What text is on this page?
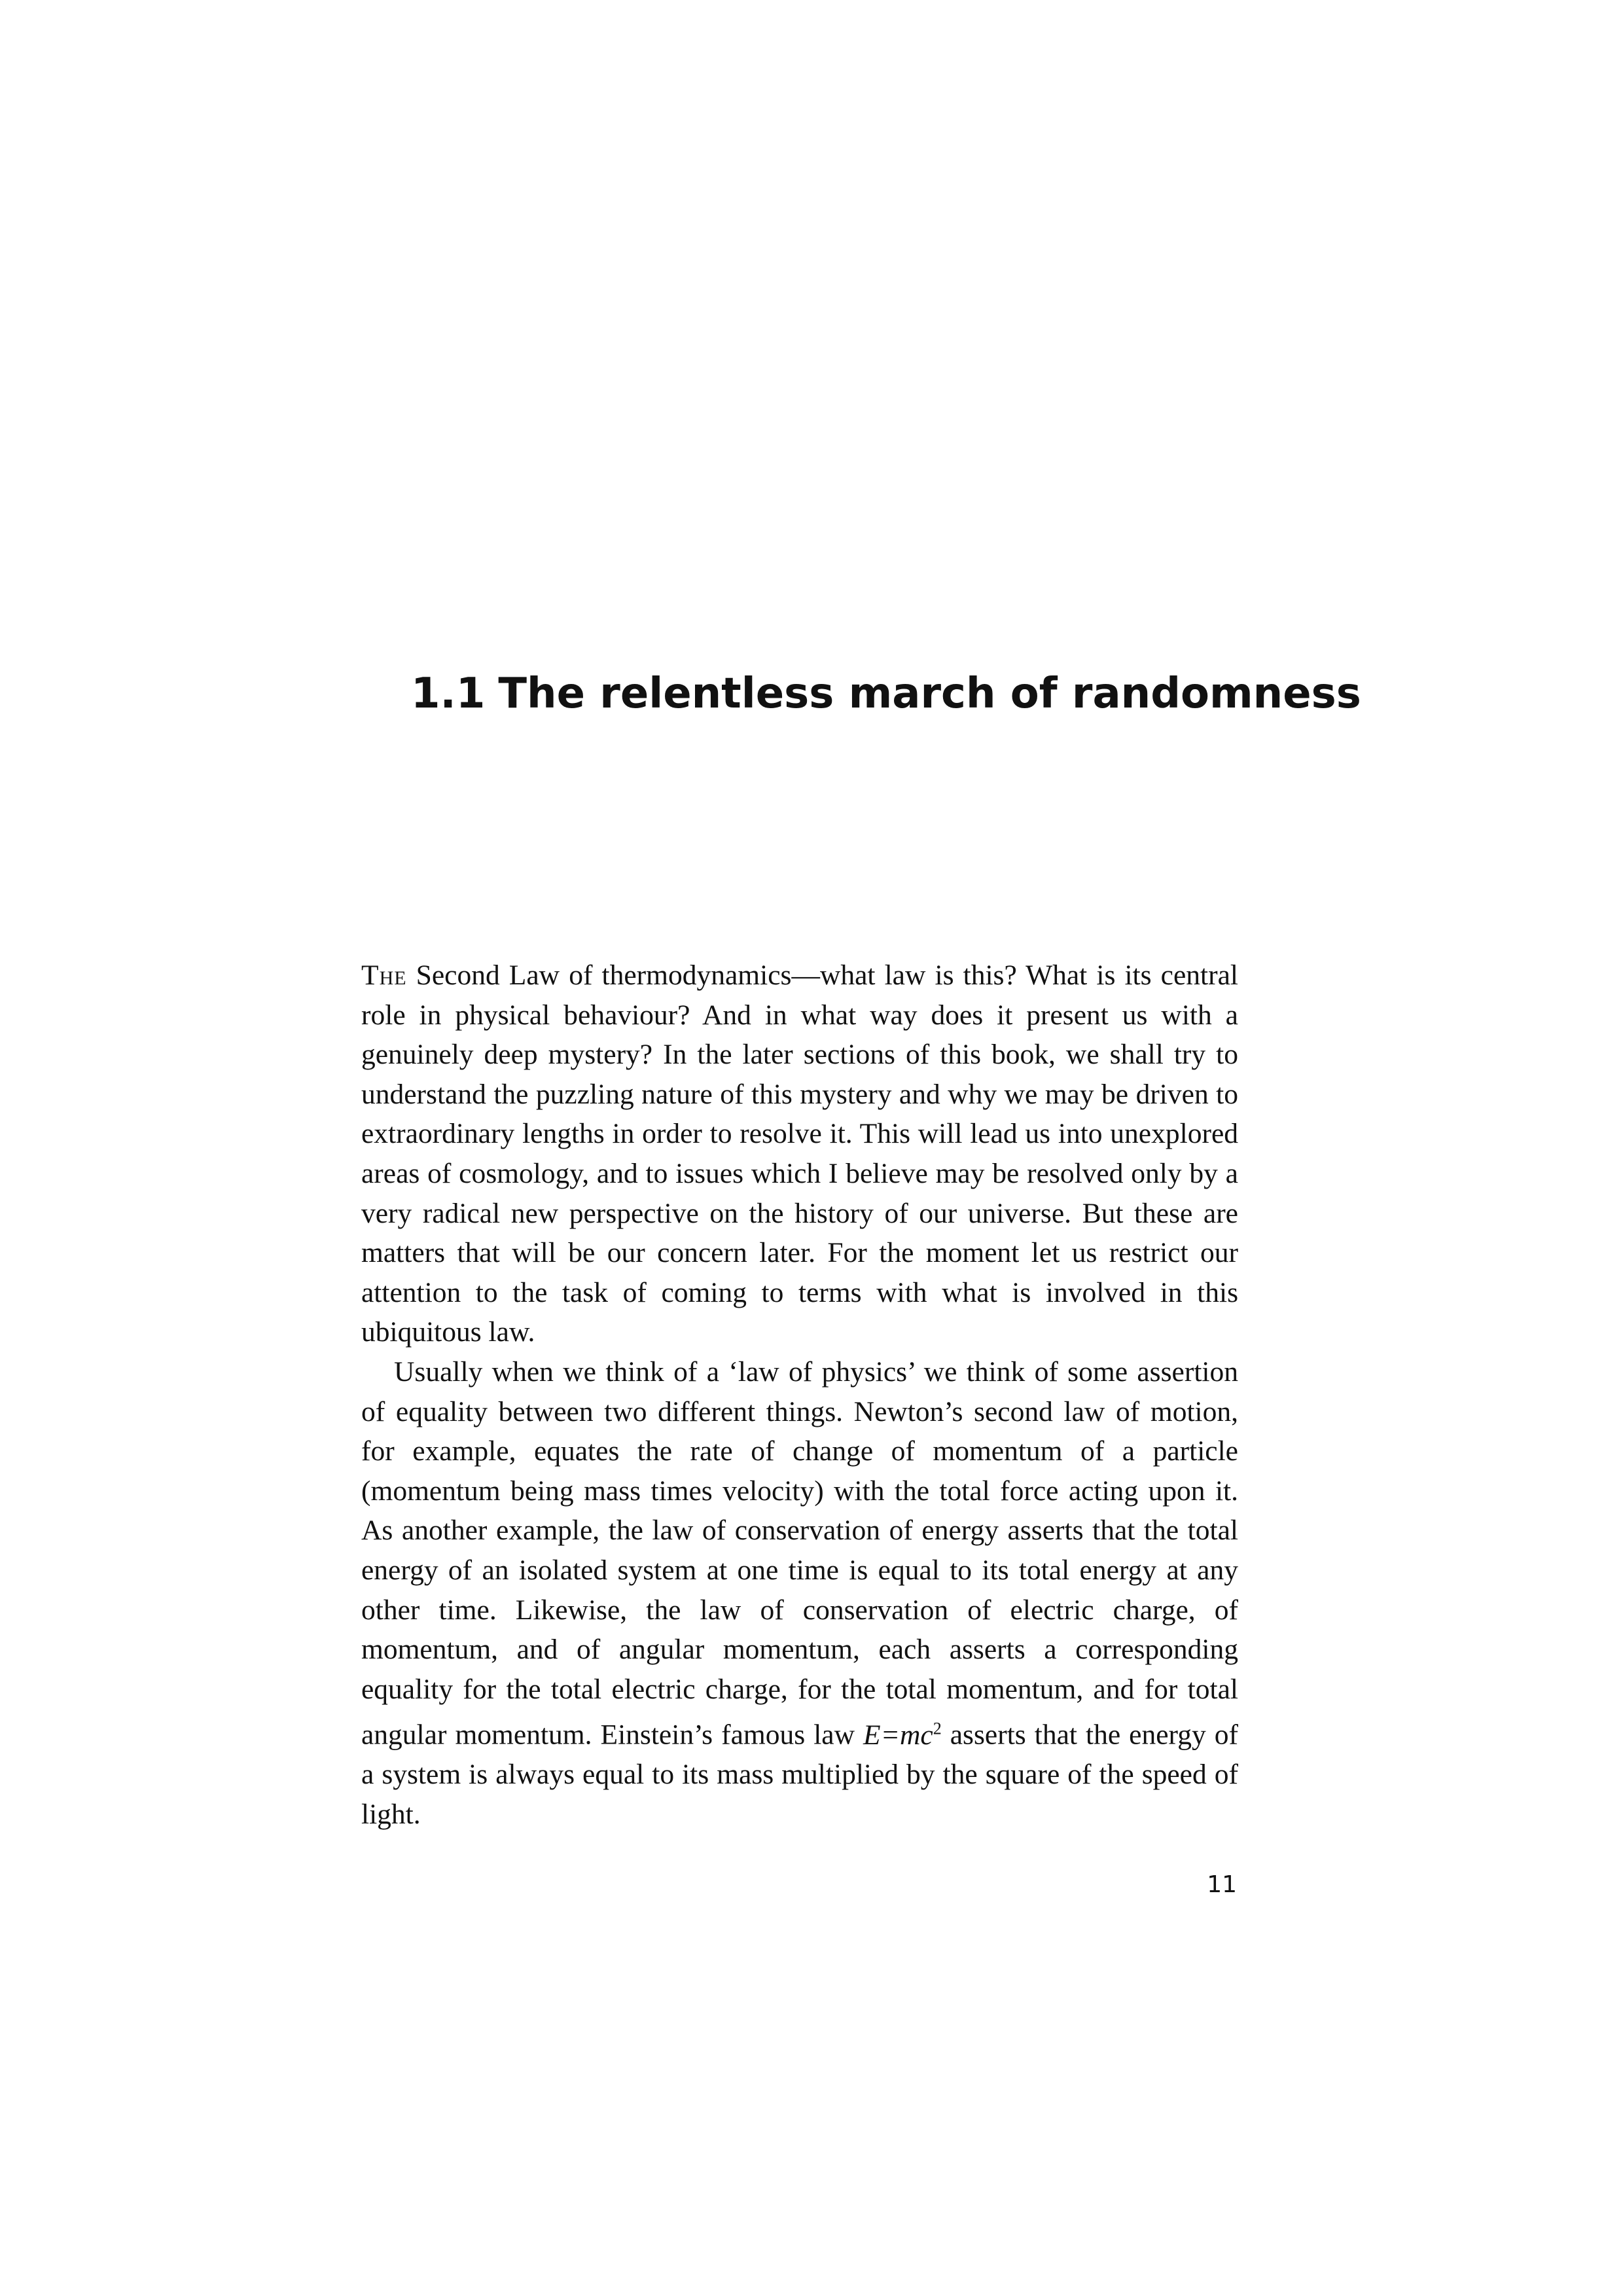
1.1 The relentless march of randomness

The Second Law of thermodynamics—what law is this? What is its central role in physical behaviour? And in what way does it present us with a genuinely deep mystery? In the later sections of this book, we shall try to understand the puzzling nature of this mystery and why we may be driven to extraordinary lengths in order to resolve it. This will lead us into unexplored areas of cosmology, and to issues which I believe may be resolved only by a very radical new perspective on the history of our universe. But these are matters that will be our concern later. For the moment let us restrict our attention to the task of coming to terms with what is involved in this ubiquitous law.

Usually when we think of a ‘law of physics’ we think of some assertion of equality between two different things. Newton’s second law of motion, for example, equates the rate of change of momentum of a particle (momentum being mass times velocity) with the total force acting upon it. As another example, the law of conservation of energy asserts that the total energy of an isolated system at one time is equal to its total energy at any other time. Likewise, the law of conservation of electric charge, of momentum, and of angular momentum, each asserts a corresponding equality for the total electric charge, for the total momentum, and for total angular momentum. Einstein’s famous law $E=mc^2$ asserts that the energy of a system is always equal to its mass multiplied by the square of the speed of light.

11
